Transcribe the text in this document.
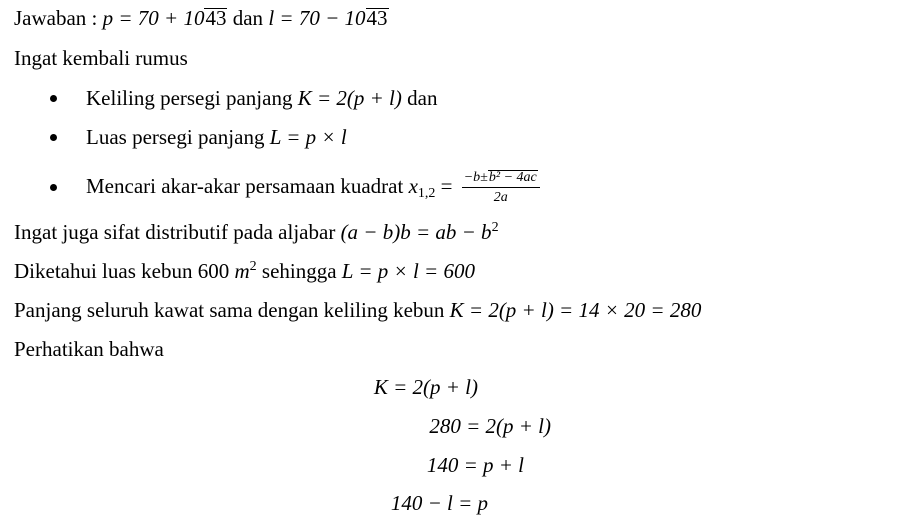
Jawaban : p = 70 + 1043 dan l = 70 − 1043
Ingat kembali rumus
Keliling persegi panjang K = 2(p + l) dan
Luas persegi panjang L = p × l
Mencari akar-akar persamaan kuadrat $x_{1,2} = \frac{\text{−b±b² − 4ac}}{2a}$
Ingat juga sifat distributif pada aljabar (a − b)b = ab − $b^2$
Diketahui luas kebun 600 $m^2$ sehingga L = p × l = 600
Panjang seluruh kawat sama dengan keliling kebun K = 2(p + l) = 14 × 20 = 280
Perhatikan bahwa
K = 2(p + l)
280 = 2(p + l)
140 = p + l
140 − l = p
